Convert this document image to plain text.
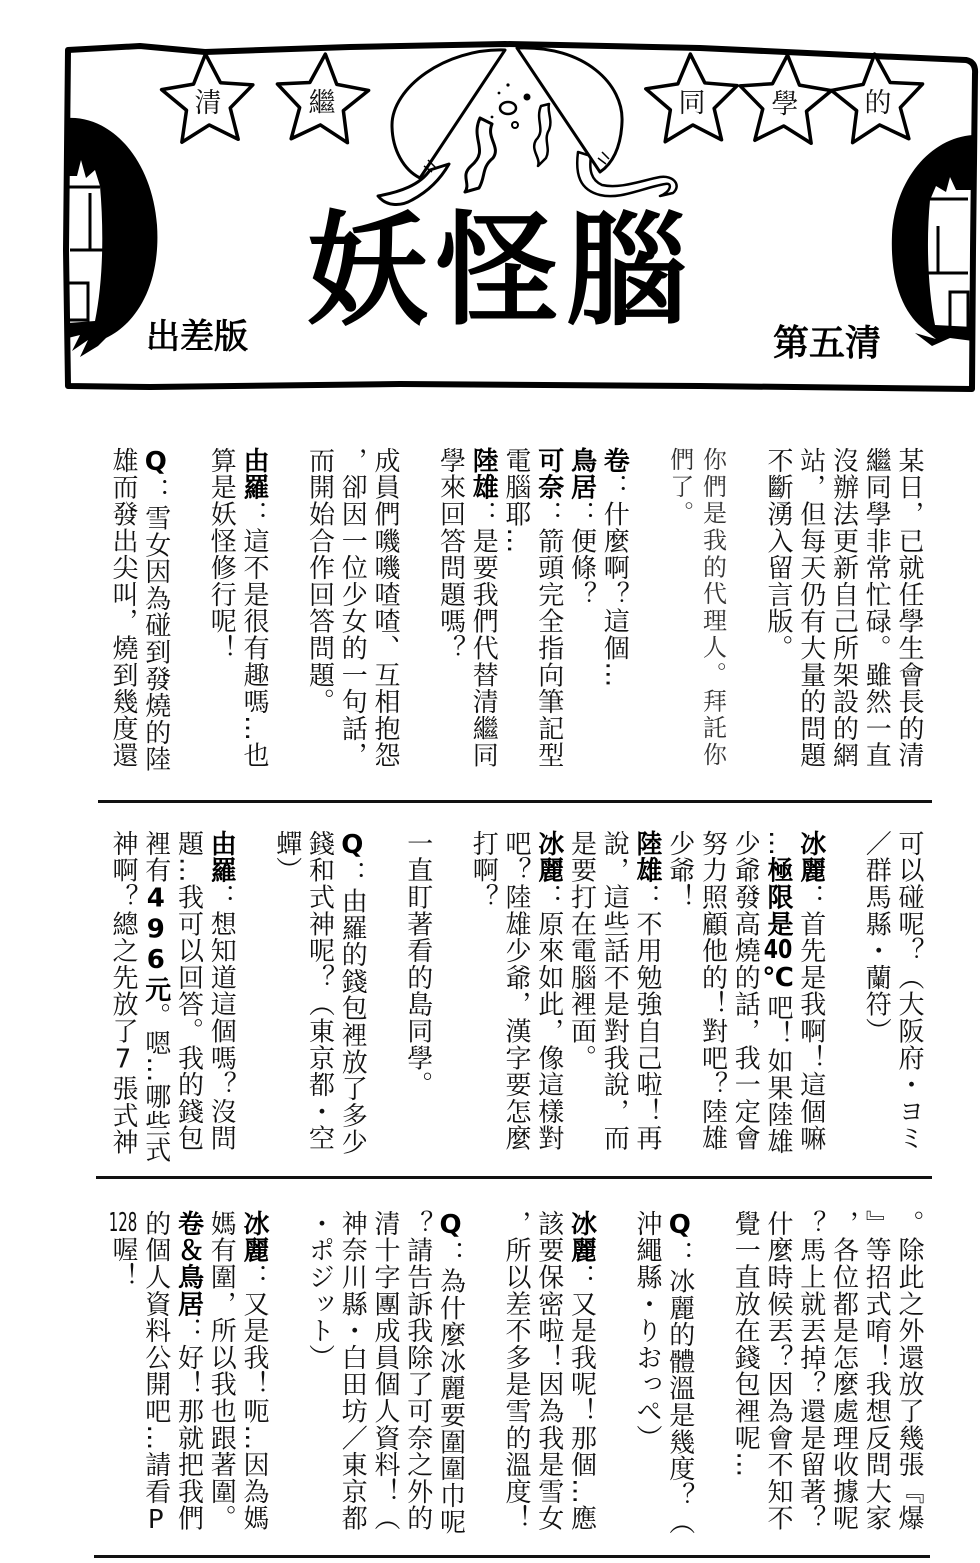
清	繼	同 學 的
妖怪腦
出差版	第五清
某日，已就任學生會長的清
繼同學非常忙碌。雖然一直
沒辦法更新自己所架設的網
站，但每天仍有大量的問題
不斷湧入留言版。
你們是我的代理人。拜託你
們了。
卷：什麼啊？這個…
鳥居：便條？
可奈：箭頭完全指向筆記型
電腦耶…
陸雄：是要我們代替清繼同
學來回答問題嗎？
成員們嘰嘰喳喳、互相抱怨
，卻因一位少女的一句話，
而開始合作回答問題。
由羅：這不是很有趣嗎…也
算是妖怪修行呢！
Q：雪女因為碰到發燒的陸
雄而發出尖叫，燒到幾度還
可以碰呢？（大阪府・ヨミ
／群馬縣・蘭符）
冰麗：首先是我啊！這個嘛
…極限是40℃吧！如果陸雄
少爺發高燒的話，我一定會
努力照顧他的！對吧？陸雄
少爺！
陸雄：不用勉強自己啦！再
說，這些話不是對我說，而
是要打在電腦裡面。
冰麗：原來如此，像這樣對
吧？陸雄少爺，漢字要怎麼
打啊？
一直盯著看的島同學。
Q：由羅的錢包裡放了多少
錢和式神呢？（東京都・空
蟬）
由羅：想知道這個嗎？沒問
題…我可以回答。我的錢包
裡有496元。嗯…哪些式
神啊？總之先放了7張式神
。除此之外還放了幾張『爆
』等招式唷！我想反問大家
，各位都是怎麼處理收據呢
？馬上就丟掉？還是留著？
什麼時候丟？因為會不知不
覺一直放在錢包裡呢…
Q：冰麗的體溫是幾度？（
沖繩縣・りおっぺ）
冰麗：又是我呢！那個…應
該要保密啦！因為我是雪女
，所以差不多是雪的溫度！
Q：為什麼冰麗要圍圍巾呢
？請告訴我除了可奈之外的
清十字團成員個人資料！（
神奈川縣・白田坊／東京都
・ポジット）
冰麗：又是我！呃…因為媽
媽有圍，所以我也跟著圍。
卷＆鳥居：好！那就把我們
的個人資料公開吧…請看P
128喔！
